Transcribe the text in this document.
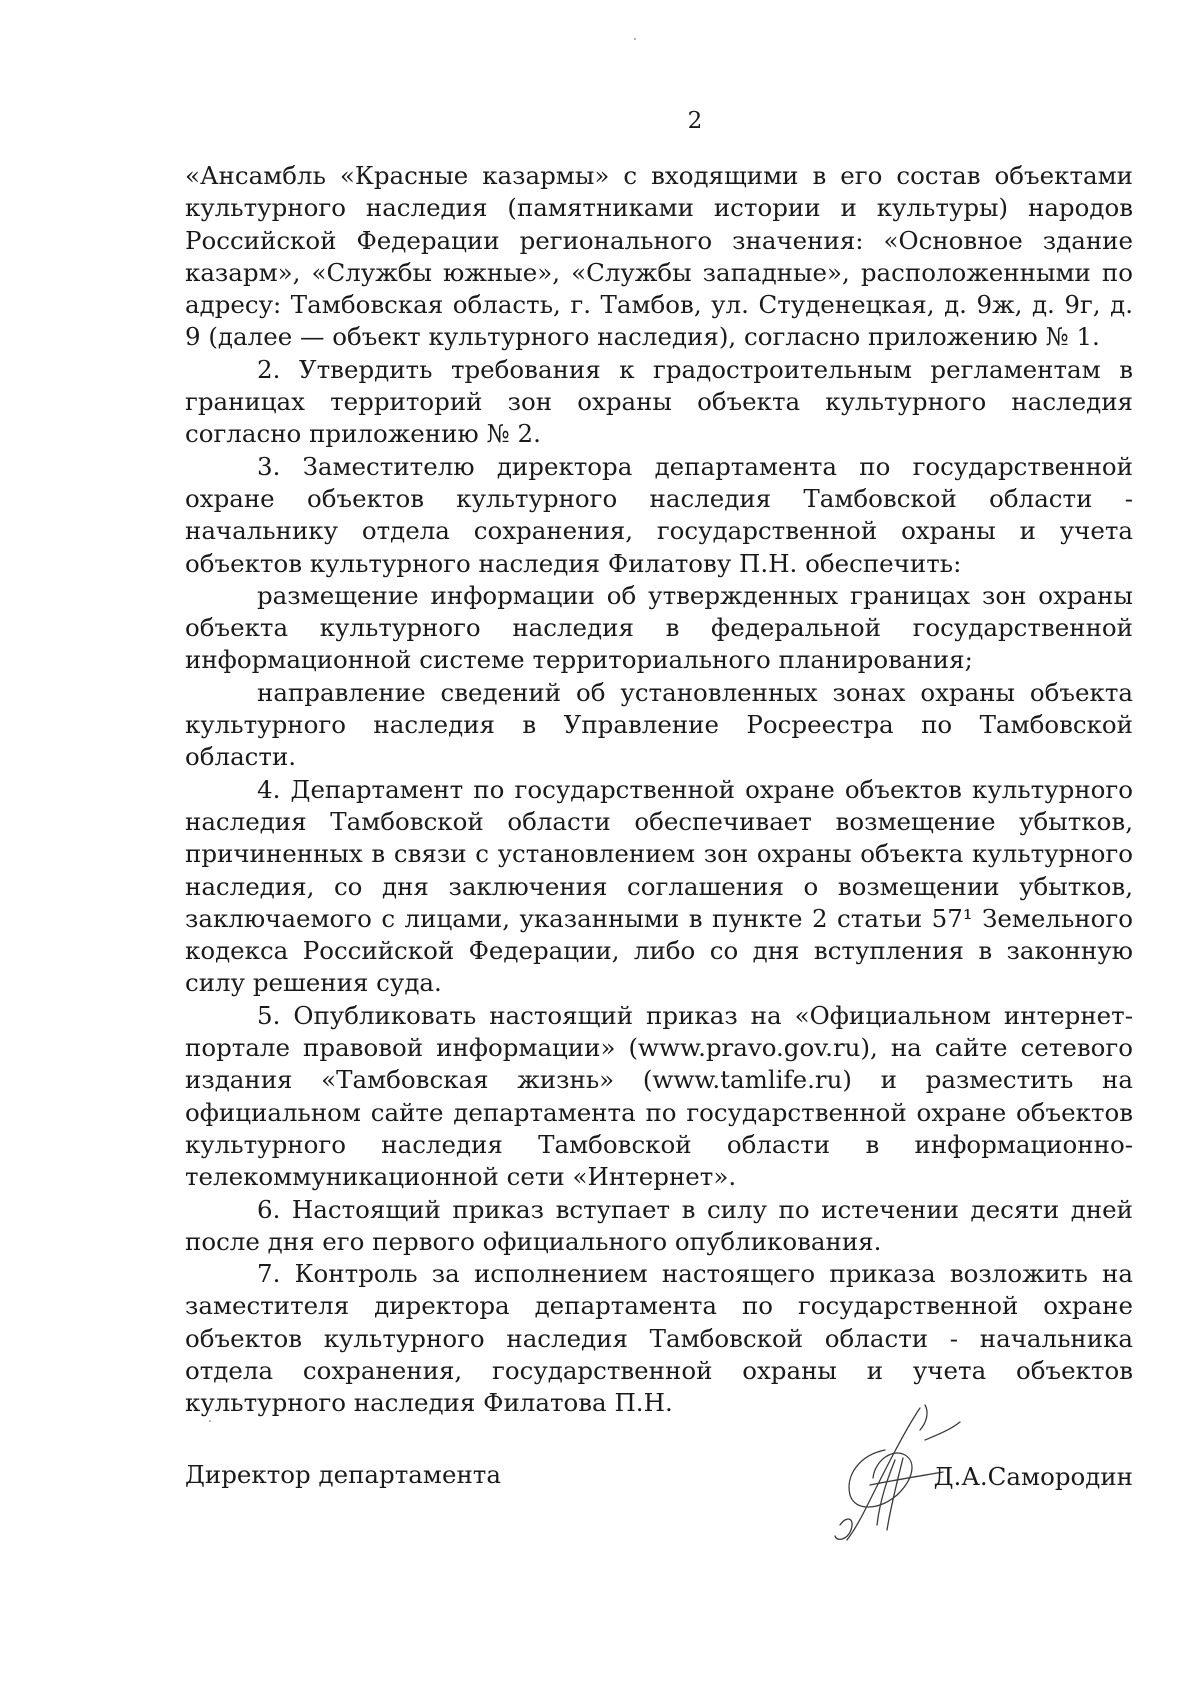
2

«Ансамбль «Красные казармы» с входящими в его состав объектами культурного наследия (памятниками истории и культуры) народов Российской Федерации регионального значения: «Основное здание казарм», «Службы южные», «Службы западные», расположенными по адресу: Тамбовская область, г. Тамбов, ул. Студенецкая, д. 9ж, д. 9г, д. 9 (далее — объект культурного наследия), согласно приложению № 1.

2. Утвердить требования к градостроительным регламентам в границах территорий зон охраны объекта культурного наследия согласно приложению № 2.

3. Заместителю директора департамента по государственной охране объектов культурного наследия Тамбовской области - начальнику отдела сохранения, государственной охраны и учета объектов культурного наследия Филатову П.Н. обеспечить:

размещение информации об утвержденных границах зон охраны объекта культурного наследия в федеральной государственной информационной системе территориального планирования;

направление сведений об установленных зонах охраны объекта культурного наследия в Управление Росреестра по Тамбовской области.

4. Департамент по государственной охране объектов культурного наследия Тамбовской области обеспечивает возмещение убытков, причиненных в связи с установлением зон охраны объекта культурного наследия, со дня заключения соглашения о возмещении убытков, заключаемого с лицами, указанными в пункте 2 статьи 57¹ Земельного кодекса Российской Федерации, либо со дня вступления в законную силу решения суда.

5. Опубликовать настоящий приказ на «Официальном интернет-портале правовой информации» (www.pravo.gov.ru), на сайте сетевого издания «Тамбовская жизнь» (www.tamlife.ru) и разместить на официальном сайте департамента по государственной охране объектов культурного наследия Тамбовской области в информационно-телекоммуникационной сети «Интернет».

6. Настоящий приказ вступает в силу по истечении десяти дней после дня его первого официального опубликования.

7. Контроль за исполнением настоящего приказа возложить на заместителя директора департамента по государственной охране объектов культурного наследия Тамбовской области - начальника отдела сохранения, государственной охраны и учета объектов культурного наследия Филатова П.Н.

Директор департамента	Д.А.Самородин
